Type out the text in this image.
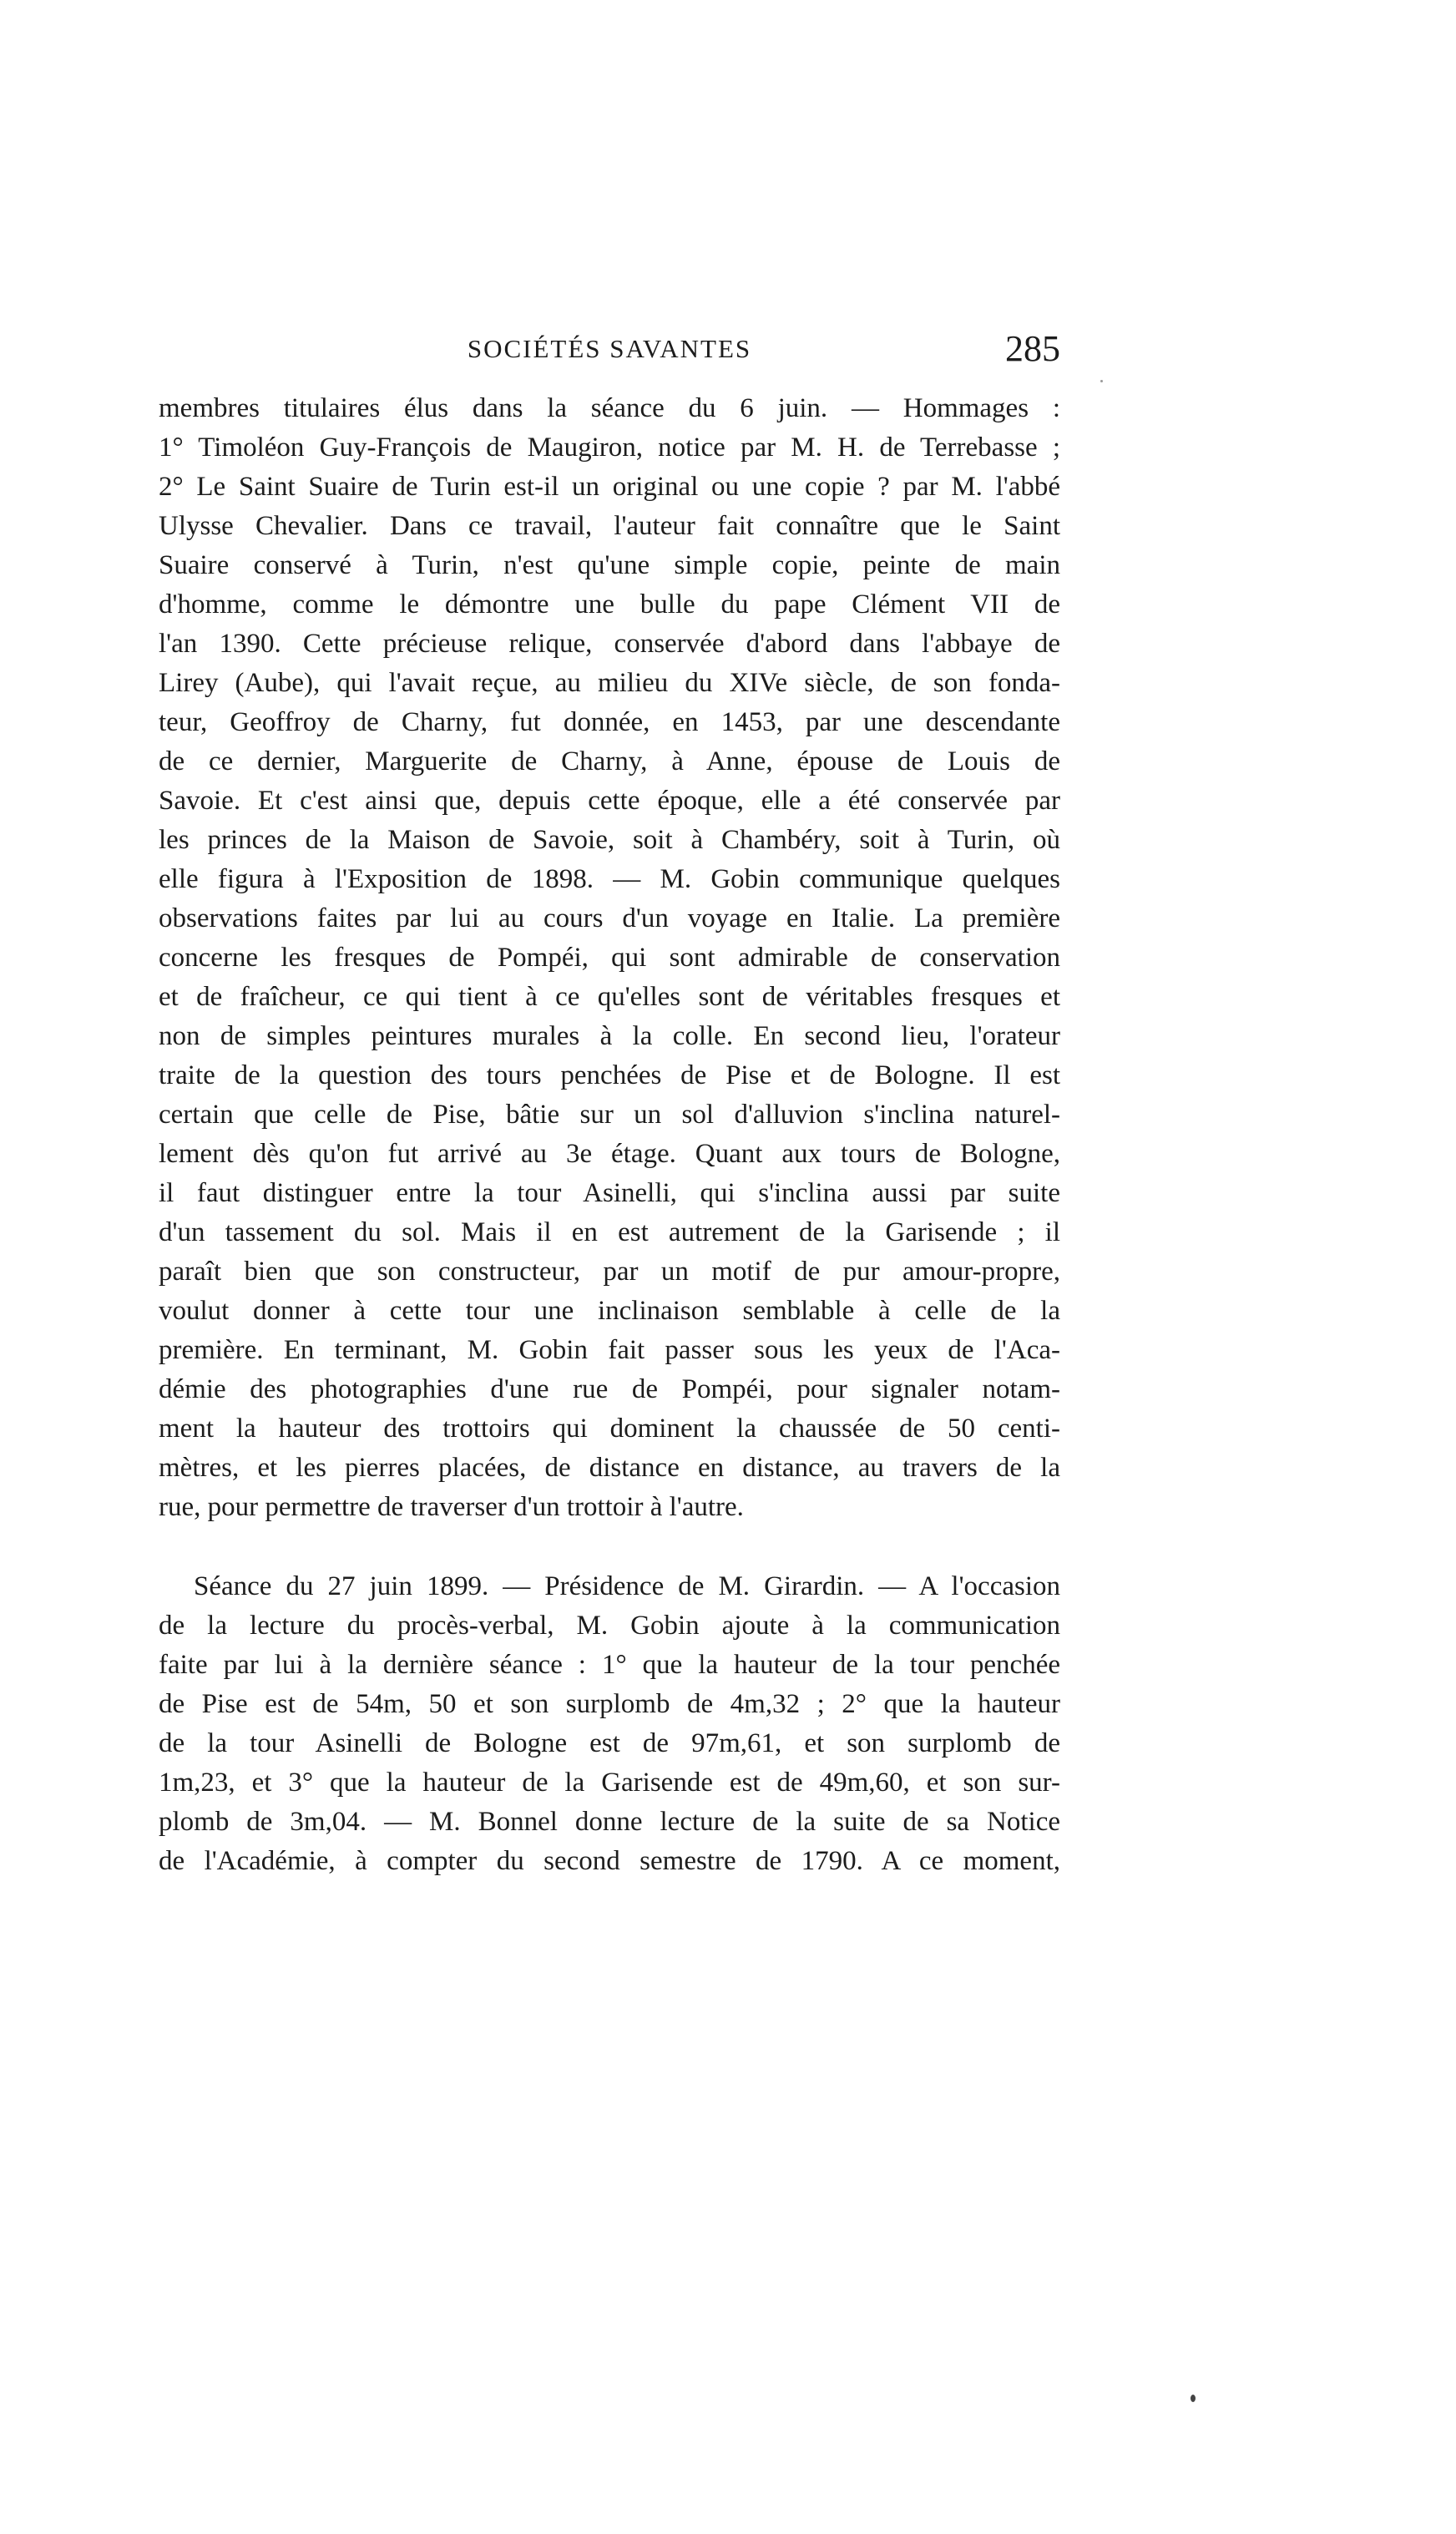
SOCIÉTÉS SAVANTES	285
membres titulaires élus dans la séance du 6 juin. — Hommages :
1° Timoléon Guy-François de Maugiron, notice par M. H. de Terrebasse ;
2° Le Saint Suaire de Turin est-il un original ou une copie ? par M. l'abbé
Ulysse Chevalier. Dans ce travail, l'auteur fait connaître que le Saint
Suaire conservé à Turin, n'est qu'une simple copie, peinte de main
d'homme, comme le démontre une bulle du pape Clément VII de
l'an 1390. Cette précieuse relique, conservée d'abord dans l'abbaye de
Lirey (Aube), qui l'avait reçue, au milieu du XIVe siècle, de son fonda-
teur, Geoffroy de Charny, fut donnée, en 1453, par une descendante
de ce dernier, Marguerite de Charny, à Anne, épouse de Louis de
Savoie. Et c'est ainsi que, depuis cette époque, elle a été conservée par
les princes de la Maison de Savoie, soit à Chambéry, soit à Turin, où
elle figura à l'Exposition de 1898. — M. Gobin communique quelques
observations faites par lui au cours d'un voyage en Italie. La première
concerne les fresques de Pompéi, qui sont admirable de conservation
et de fraîcheur, ce qui tient à ce qu'elles sont de véritables fresques et
non de simples peintures murales à la colle. En second lieu, l'orateur
traite de la question des tours penchées de Pise et de Bologne. Il est
certain que celle de Pise, bâtie sur un sol d'alluvion s'inclina naturel-
lement dès qu'on fut arrivé au 3e étage. Quant aux tours de Bologne,
il faut distinguer entre la tour Asinelli, qui s'inclina aussi par suite
d'un tassement du sol. Mais il en est autrement de la Garisende ; il
paraît bien que son constructeur, par un motif de pur amour-propre,
voulut donner à cette tour une inclinaison semblable à celle de la
première. En terminant, M. Gobin fait passer sous les yeux de l'Aca-
démie des photographies d'une rue de Pompéi, pour signaler notam-
ment la hauteur des trottoirs qui dominent la chaussée de 50 centi-
mètres, et les pierres placées, de distance en distance, au travers de la
rue, pour permettre de traverser d'un trottoir à l'autre.
Séance du 27 juin 1899. — Présidence de M. Girardin. — A l'occasion
de la lecture du procès-verbal, M. Gobin ajoute à la communication
faite par lui à la dernière séance : 1° que la hauteur de la tour penchée
de Pise est de 54m, 50 et son surplomb de 4m,32 ; 2° que la hauteur
de la tour Asinelli de Bologne est de 97m,61, et son surplomb de
1m,23, et 3° que la hauteur de la Garisende est de 49m,60, et son sur-
plomb de 3m,04. — M. Bonnel donne lecture de la suite de sa Notice
de l'Académie, à compter du second semestre de 1790. A ce moment,
